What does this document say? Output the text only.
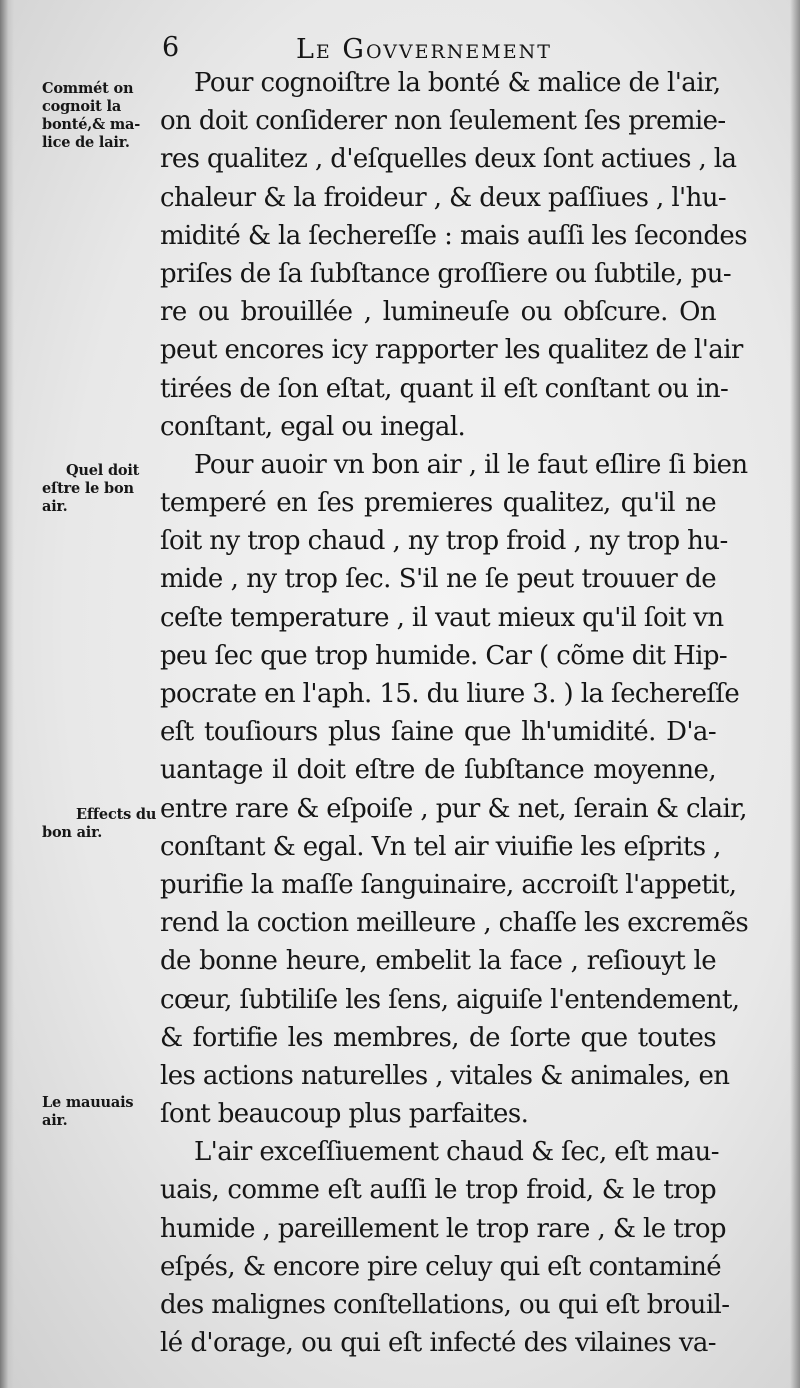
6	Le Govvernement
Commét on
cognoit la
bonté,& ma-
lice de lair.
Quel doit
eſtre le bon
air.
Effects du
bon air.
Le mauuais
air.
Pour cognoiſtre la bonté & malice de l'air,
on doit conſiderer non ſeulement ſes premie-
res qualitez , d'eſquelles deux ſont actiues , la
chaleur & la froideur , & deux paſſiues , l'hu-
midité & la ſechereſſe : mais auſſi les ſecondes
priſes de ſa ſubſtance groſſiere ou ſubtile, pu-
re ou brouillée , lumineuſe ou obſcure. On
peut encores icy rapporter les qualitez de l'air
tirées de ſon eſtat, quant il eſt conſtant ou in-
conſtant, egal ou inegal.
Pour auoir vn bon air , il le faut eſlire ſi bien
temperé en ſes premieres qualitez, qu'il ne
ſoit ny trop chaud , ny trop froid , ny trop hu-
mide , ny trop ſec. S'il ne ſe peut trouuer de
ceſte temperature , il vaut mieux qu'il ſoit vn
peu ſec que trop humide. Car ( cõme dit Hip-
pocrate en l'aph. 15. du liure 3. ) la ſechereſſe
eſt touſiours plus ſaine que lh'umidité. D'a-
uantage il doit eſtre de ſubſtance moyenne,
entre rare & eſpoiſe , pur & net, ſerain & clair,
conſtant & egal. Vn tel air viuifie les eſprits ,
purifie la maſſe ſanguinaire, accroiſt l'appetit,
rend la coction meilleure , chaſſe les excremẽs
de bonne heure, embelit la face , reſiouyt le
cœur, ſubtiliſe les ſens, aiguiſe l'entendement,
& fortifie les membres, de ſorte que toutes
les actions naturelles , vitales & animales, en
ſont beaucoup plus parfaites.
L'air exceſſiuement chaud & ſec, eſt mau-
uais, comme eſt auſſi le trop froid, & le trop
humide , pareillement le trop rare , & le trop
eſpés, & encore pire celuy qui eſt contaminé
des malignes conſtellations, ou qui eſt brouil-
lé d'orage, ou qui eſt infecté des vilaines va-
